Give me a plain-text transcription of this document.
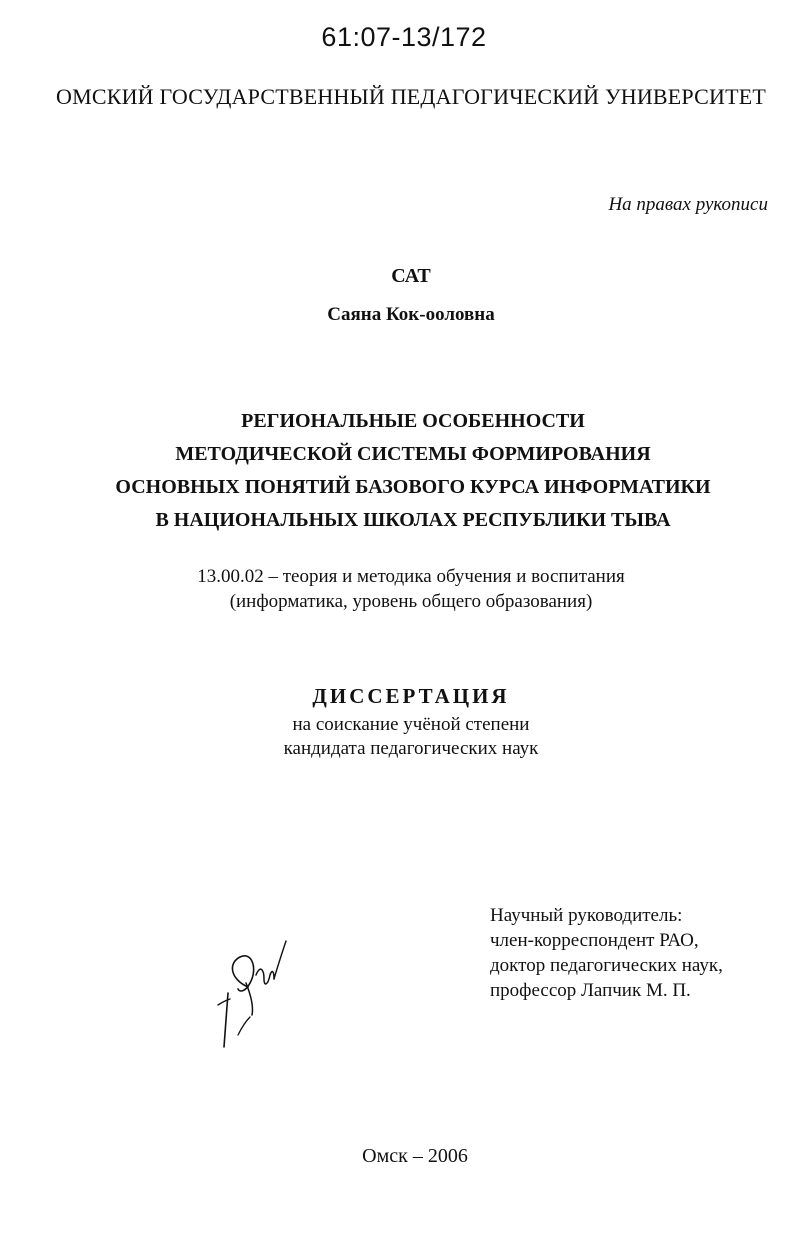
61:07-13/172
ОМСКИЙ ГОСУДАРСТВЕННЫЙ ПЕДАГОГИЧЕСКИЙ УНИВЕРСИТЕТ
На правах рукописи
САТ
Саяна Кок-ооловна
РЕГИОНАЛЬНЫЕ ОСОБЕННОСТИ
МЕТОДИЧЕСКОЙ СИСТЕМЫ ФОРМИРОВАНИЯ
ОСНОВНЫХ ПОНЯТИЙ БАЗОВОГО КУРСА ИНФОРМАТИКИ
В НАЦИОНАЛЬНЫХ ШКОЛАХ РЕСПУБЛИКИ ТЫВА
13.00.02 – теория и методика обучения и воспитания
(информатика, уровень общего образования)
ДИССЕРТАЦИЯ
на соискание учёной степени
кандидата педагогических наук
Научный руководитель:
член-корреспондент РАО,
доктор педагогических наук,
профессор Лапчик М. П.
Омск – 2006
